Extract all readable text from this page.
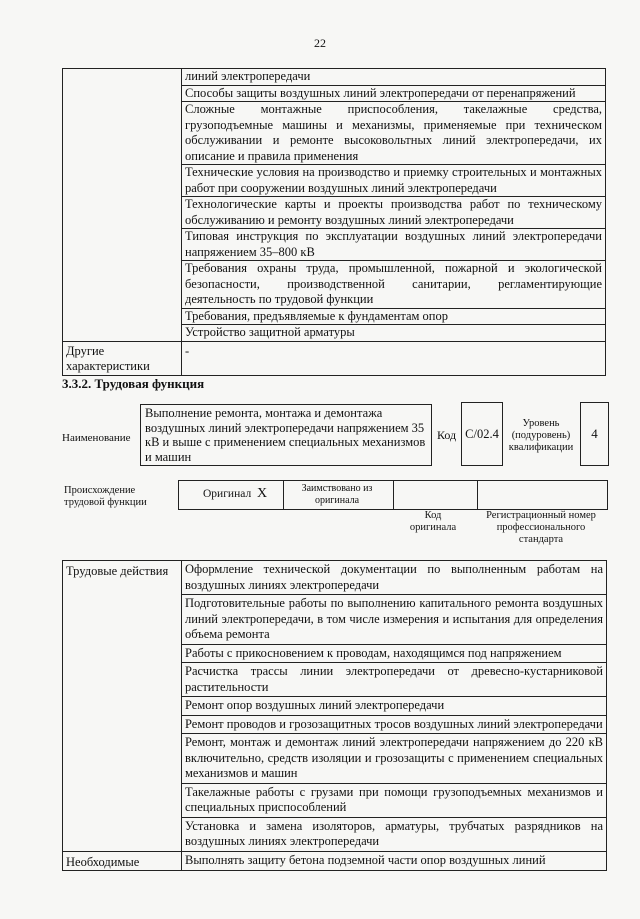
22
	линий электропередачи
	Способы защиты воздушных линий электропередачи от перенапряжений
	Сложные монтажные приспособления, такелажные средства, грузоподъемные машины и механизмы, применяемые при техническом обслуживании и ремонте высоковольтных линий электропередачи, их описание и правила применения
	Технические условия на производство и приемку строительных и монтажных работ при сооружении воздушных линий электропередачи
	Технологические карты и проекты производства работ по техническому обслуживанию и ремонту воздушных линий электропередачи
	Типовая инструкция по эксплуатации воздушных линий электропередачи напряжением 35–800 кВ
	Требования охраны труда, промышленной, пожарной и экологической безопасности, производственной санитарии, регламентирующие деятельность по трудовой функции
	Требования, предъявляемые к фундаментам опор
	Устройство защитной арматуры
Другие характеристики	-
3.3.2. Трудовая функция
Наименование
Выполнение ремонта, монтажа и демонтажа воздушных линий электропередачи напряжением 35 кВ и выше с применением специальных механизмов и машин
Код C/02.4
Уровень (подуровень) квалификации
4
Происхождение трудовой функции
Оригинал X	Заимствовано из оригинала
Код оригинала
Регистрационный номер профессионального стандарта
Трудовые действия	Оформление технической документации по выполненным работам на воздушных линиях электропередачи
	Подготовительные работы по выполнению капитального ремонта воздушных линий электропередачи, в том числе измерения и испытания для определения объема ремонта
	Работы с прикосновением к проводам, находящимся под напряжением
	Расчистка трассы линии электропередачи от древесно-кустарниковой растительности
	Ремонт опор воздушных линий электропередачи
	Ремонт проводов и грозозащитных тросов воздушных линий электропередачи
	Ремонт, монтаж и демонтаж линий электропередачи напряжением до 220 кВ включительно, средств изоляции и грозозащиты с применением специальных механизмов и машин
	Такелажные работы с грузами при помощи грузоподъемных механизмов и специальных приспособлений
	Установка и замена изоляторов, арматуры, трубчатых разрядников на воздушных линиях электропередачи
Необходимые	Выполнять защиту бетона подземной части опор воздушных линий
